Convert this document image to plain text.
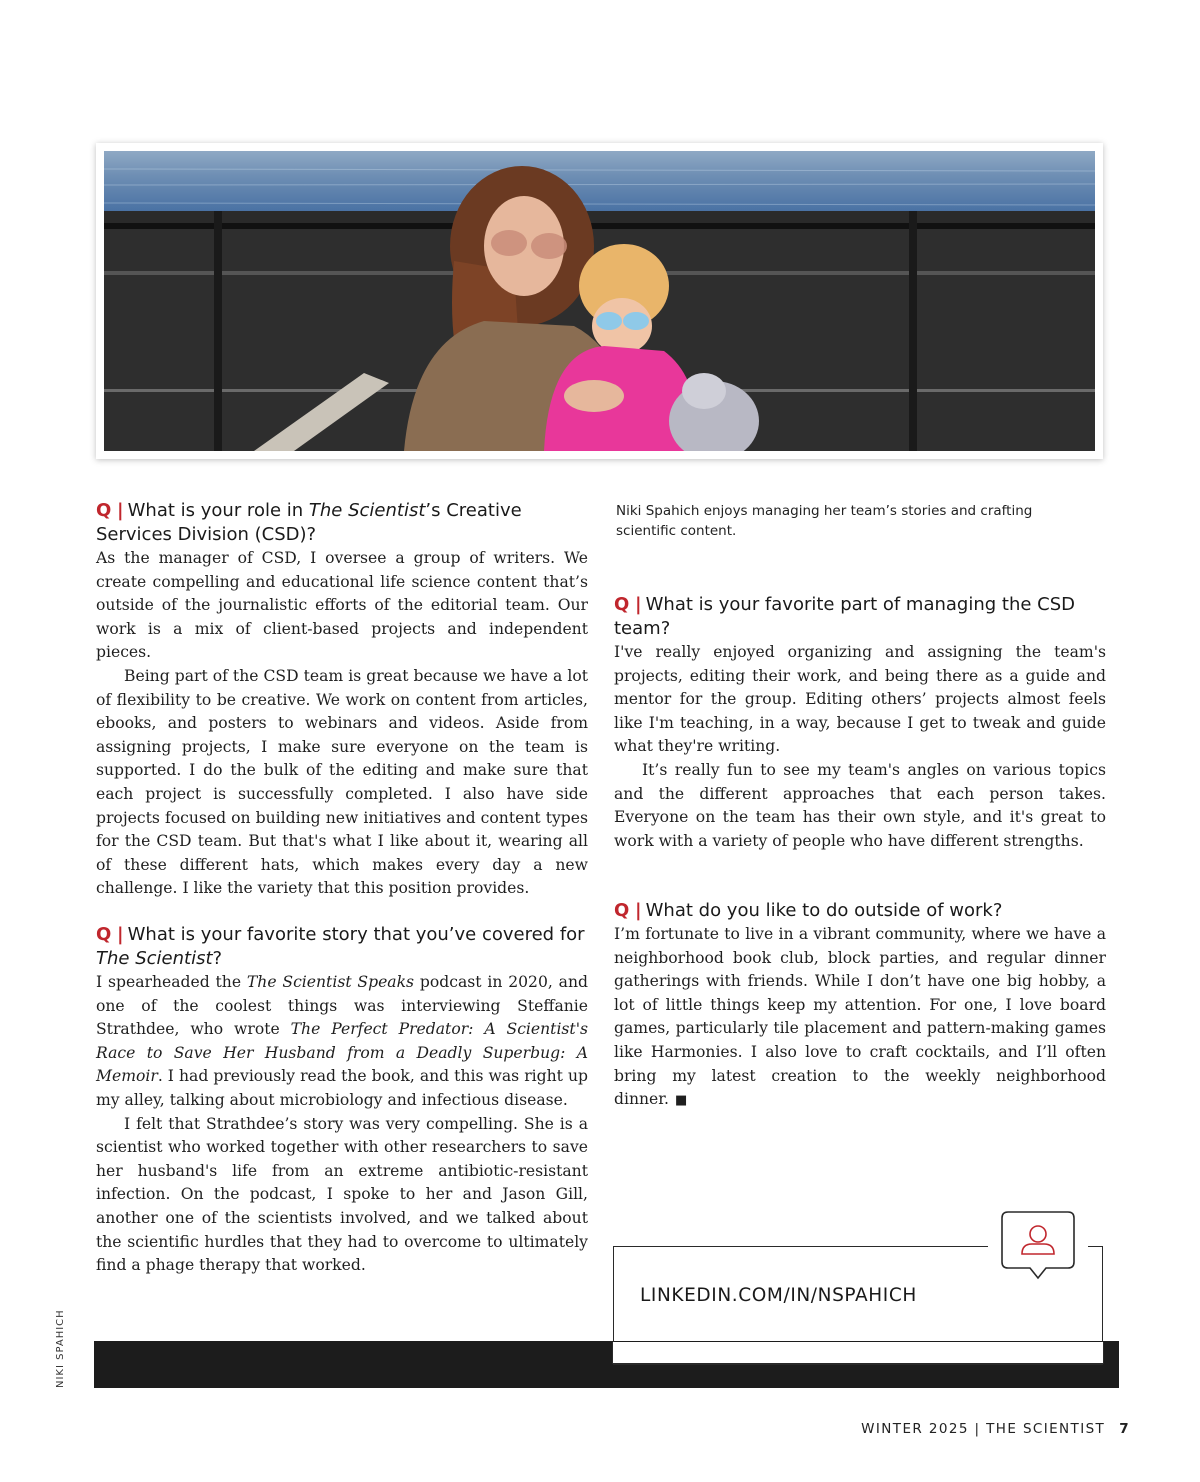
Niki Spahich enjoys managing her team’s stories and crafting scientific content.
Q | What is your role in The Scientist’s Creative Services Division (CSD)?

As the manager of CSD, I oversee a group of writers. We create compelling and educational life science content that’s outside of the journalistic efforts of the editorial team. Our work is a mix of client-based projects and independent pieces.

Being part of the CSD team is great because we have a lot of flexibility to be creative. We work on content from articles, ebooks, and posters to webinars and videos. Aside from assigning projects, I make sure everyone on the team is supported. I do the bulk of the editing and make sure that each project is successfully completed. I also have side projects focused on building new initiatives and content types for the CSD team. But that's what I like about it, wearing all of these different hats, which makes every day a new challenge. I like the variety that this position provides.

Q | What is your favorite story that you’ve covered for The Scientist?

I spearheaded the The Scientist Speaks podcast in 2020, and one of the coolest things was interviewing Steffanie Strathdee, who wrote The Perfect Predator: A Scientist's Race to Save Her Husband from a Deadly Superbug: A Memoir. I had previously read the book, and this was right up my alley, talking about microbiology and infectious disease.

I felt that Strathdee’s story was very compelling. She is a scientist who worked together with other researchers to save her husband's life from an extreme antibiotic-resistant infection. On the podcast, I spoke to her and Jason Gill, another one of the scientists involved, and we talked about the scientific hurdles that they had to overcome to ultimately find a phage therapy that worked.

Q | What is your favorite part of managing the CSD team?

I've really enjoyed organizing and assigning the team's projects, editing their work, and being there as a guide and mentor for the group. Editing others’ projects almost feels like I'm teaching, in a way, because I get to tweak and guide what they're writing.

It’s really fun to see my team's angles on various topics and the different approaches that each person takes. Everyone on the team has their own style, and it's great to work with a variety of people who have different strengths.

Q | What do you like to do outside of work?

I’m fortunate to live in a vibrant community, where we have a neighborhood book club, block parties, and regular dinner gatherings with friends. While I don’t have one big hobby, a lot of little things keep my attention. For one, I love board games, particularly tile placement and pattern-making games like Harmonies. I also love to craft cocktails, and I’ll often bring my latest creation to the weekly neighborhood dinner. ■

NIKI SPAHICH
LINKEDIN.COM/IN/NSPAHICH
WINTER 2025 | THE SCIENTIST 7
